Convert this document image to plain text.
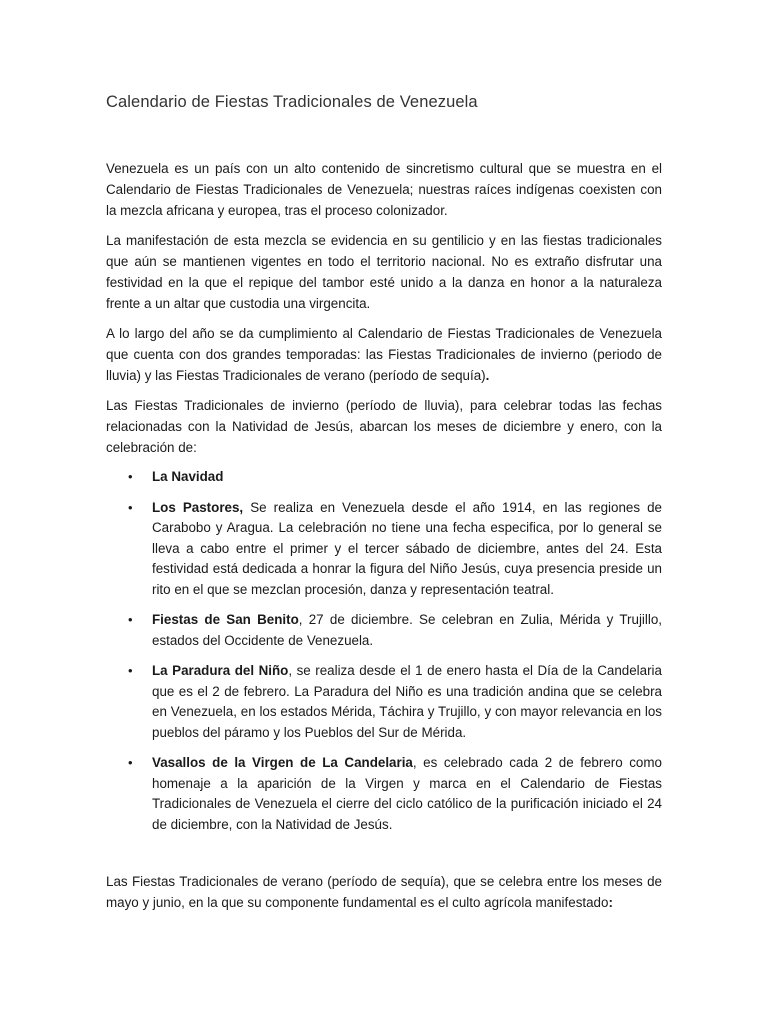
Calendario de Fiestas Tradicionales de Venezuela

Venezuela es un país con un alto contenido de sincretismo cultural que se muestra en el Calendario de Fiestas Tradicionales de Venezuela; nuestras raíces indígenas coexisten con la mezcla africana y europea, tras el proceso colonizador.

La manifestación de esta mezcla se evidencia en su gentilicio y en las fiestas tradicionales que aún se mantienen vigentes en todo el territorio nacional. No es extraño disfrutar una festividad en la que el repique del tambor esté unido a la danza en honor a la naturaleza frente a un altar que custodia una virgencita.

A lo largo del año se da cumplimiento al Calendario de Fiestas Tradicionales de Venezuela que cuenta con dos grandes temporadas: las Fiestas Tradicionales de invierno (periodo de lluvia) y las Fiestas Tradicionales de verano (período de sequía).

Las Fiestas Tradicionales de invierno (período de lluvia), para celebrar todas las fechas relacionadas con la Natividad de Jesús, abarcan los meses de diciembre y enero, con la celebración de:

• La Navidad
• Los Pastores, Se realiza en Venezuela desde el año 1914, en las regiones de Carabobo y Aragua. La celebración no tiene una fecha especifica, por lo general se lleva a cabo entre el primer y el tercer sábado de diciembre, antes del 24. Esta festividad está dedicada a honrar la figura del Niño Jesús, cuya presencia preside un rito en el que se mezclan procesión, danza y representación teatral.
• Fiestas de San Benito, 27 de diciembre. Se celebran en Zulia, Mérida y Trujillo, estados del Occidente de Venezuela.
• La Paradura del Niño, se realiza desde el 1 de enero hasta el Día de la Candelaria que es el 2 de febrero. La Paradura del Niño es una tradición andina que se celebra en Venezuela, en los estados Mérida, Táchira y Trujillo, y con mayor relevancia en los pueblos del páramo y los Pueblos del Sur de Mérida.
• Vasallos de la Virgen de La Candelaria, es celebrado cada 2 de febrero como homenaje a la aparición de la Virgen y marca en el Calendario de Fiestas Tradicionales de Venezuela el cierre del ciclo católico de la purificación iniciado el 24 de diciembre, con la Natividad de Jesús.

Las Fiestas Tradicionales de verano (período de sequía), que se celebra entre los meses de mayo y junio, en la que su componente fundamental es el culto agrícola manifestado:
